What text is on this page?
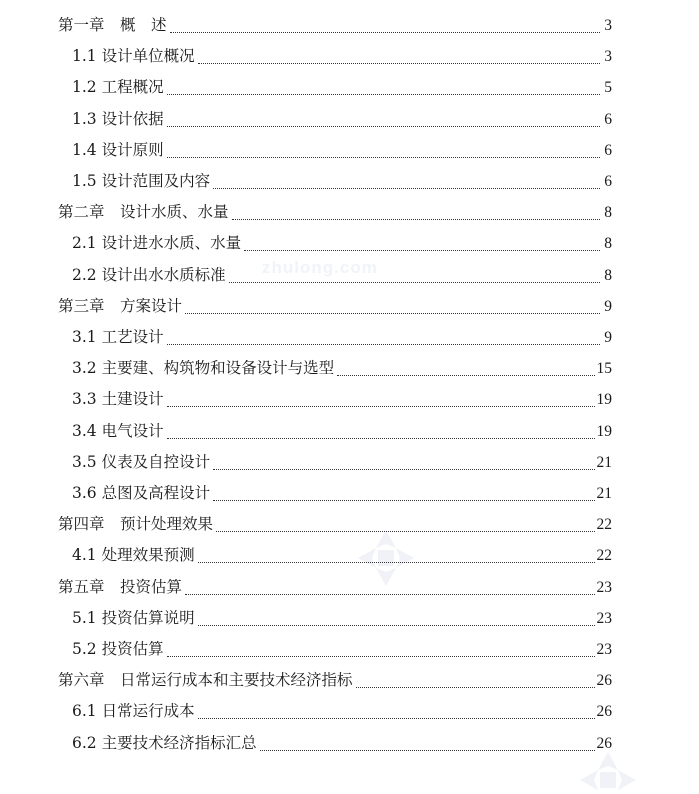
zhulong.com
第一章　概　述	3
1.1 设计单位概况	3
1.2 工程概况	5
1.3 设计依据	6
1.4 设计原则	6
1.5 设计范围及内容	6
第二章　设计水质、水量	8
2.1 设计进水水质、水量	8
2.2 设计出水水质标准	8
第三章　方案设计	9
3.1 工艺设计	9
3.2 主要建、构筑物和设备设计与选型	15
3.3 土建设计	19
3.4 电气设计	19
3.5 仪表及自控设计	21
3.6 总图及高程设计	21
第四章　预计处理效果	22
4.1 处理效果预测	22
第五章　投资估算	23
5.1 投资估算说明	23
5.2 投资估算	23
第六章　日常运行成本和主要技术经济指标	26
6.1 日常运行成本	26
6.2 主要技术经济指标汇总	26
